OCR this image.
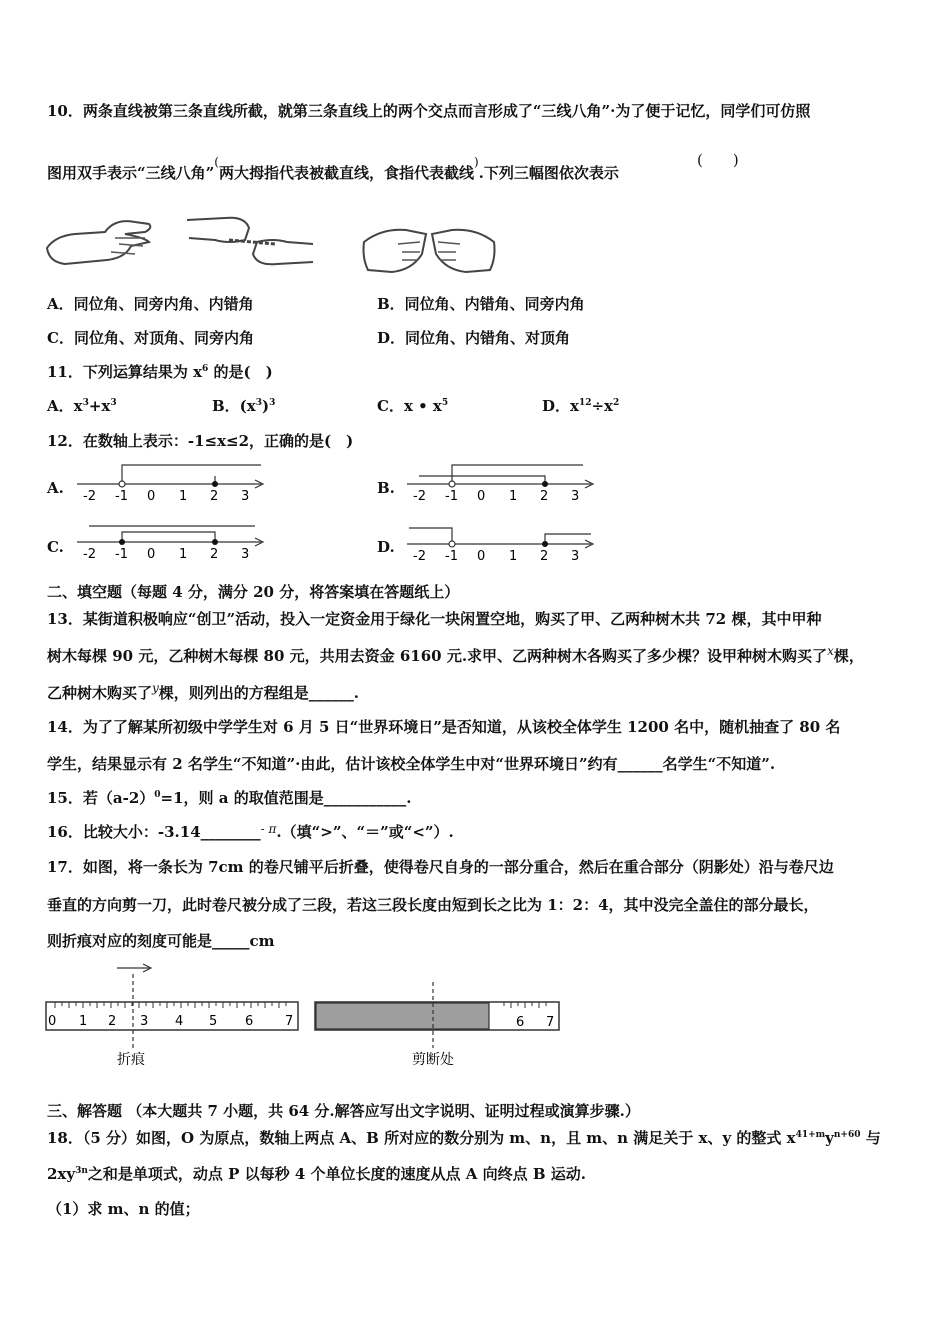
10．两条直线被第三条直线所截，就第三条直线上的两个交点而言形成了“三线八角”·为了便于记忆，同学们可仿照
图用双手表示“三线八角”(两大拇指代表被截直线，食指代表截线).下列三幅图依次表示
(　　)
A．同位角、同旁内角、内错角	B．同位角、内错角、同旁内角
C．同位角、对顶角、同旁内角	D．同位角、内错角、对顶角
11．下列运算结果为 $x^6$ 的是(　)
A．$x^3+x^3$	B．$(x^3)^3$	C．x • $x^5$	D．$x^{12}\div x^2$
12．在数轴上表示：-1≤x≤2，正确的是(　)
A.	B.
C.	D.
-2 -1 0 1 2 3	-2 -1 0 1 2 3
-2 -1 0 1 2 3	-2 -1 0 1 2 3
二、填空题（每题 4 分，满分 20 分，将答案填在答题纸上）
13．某街道积极响应“创卫”活动，投入一定资金用于绿化一块闲置空地，购买了甲、乙两种树木共 72 棵，其中甲种
树木每棵 90 元，乙种树木每棵 80 元，共用去资金 6160 元.求甲、乙两种树木各购买了多少棵？设甲种树木购买了$^x$棵，
乙种树木购买了$^y$棵，则列出的方程组是______.
14．为了了解某所初级中学学生对 6 月 5 日“世界环境日”是否知道，从该校全体学生 1200 名中，随机抽查了 80 名
学生，结果显示有 2 名学生“不知道”·由此，估计该校全体学生中对“世界环境日”约有______名学生“不知道”.
15．若$(a-2)^0=1$，则 a 的取值范围是___________.
16．比较大小：-3.14________$^{- \pi}$.（填“>”、“＝”或“<”）.
17．如图，将一条长为 7cm 的卷尺铺平后折叠，使得卷尺自身的一部分重合，然后在重合部分（阴影处）沿与卷尺边
垂直的方向剪一刀，此时卷尺被分成了三段，若这三段长度由短到长之比为 1：2：4，其中没完全盖住的部分最长，
则折痕对应的刻度可能是_____cm
0 1 2 3 4 5 6 7
折痕
6 7
剪断处
三、解答题 （本大题共 7 小题，共 64 分.解答应写出文字说明、证明过程或演算步骤.）
18．（5 分）如图，O 为原点，数轴上两点 A、B 所对应的数分别为 m、n，且 m、n 满足关于 x、y 的整式 $x^{41+m}y^{n+60}$ 与
$2xy^{3n}$之和是单项式，动点 P 以每秒 4 个单位长度的速度从点 A 向终点 B 运动.
（1）求 m、n 的值；
